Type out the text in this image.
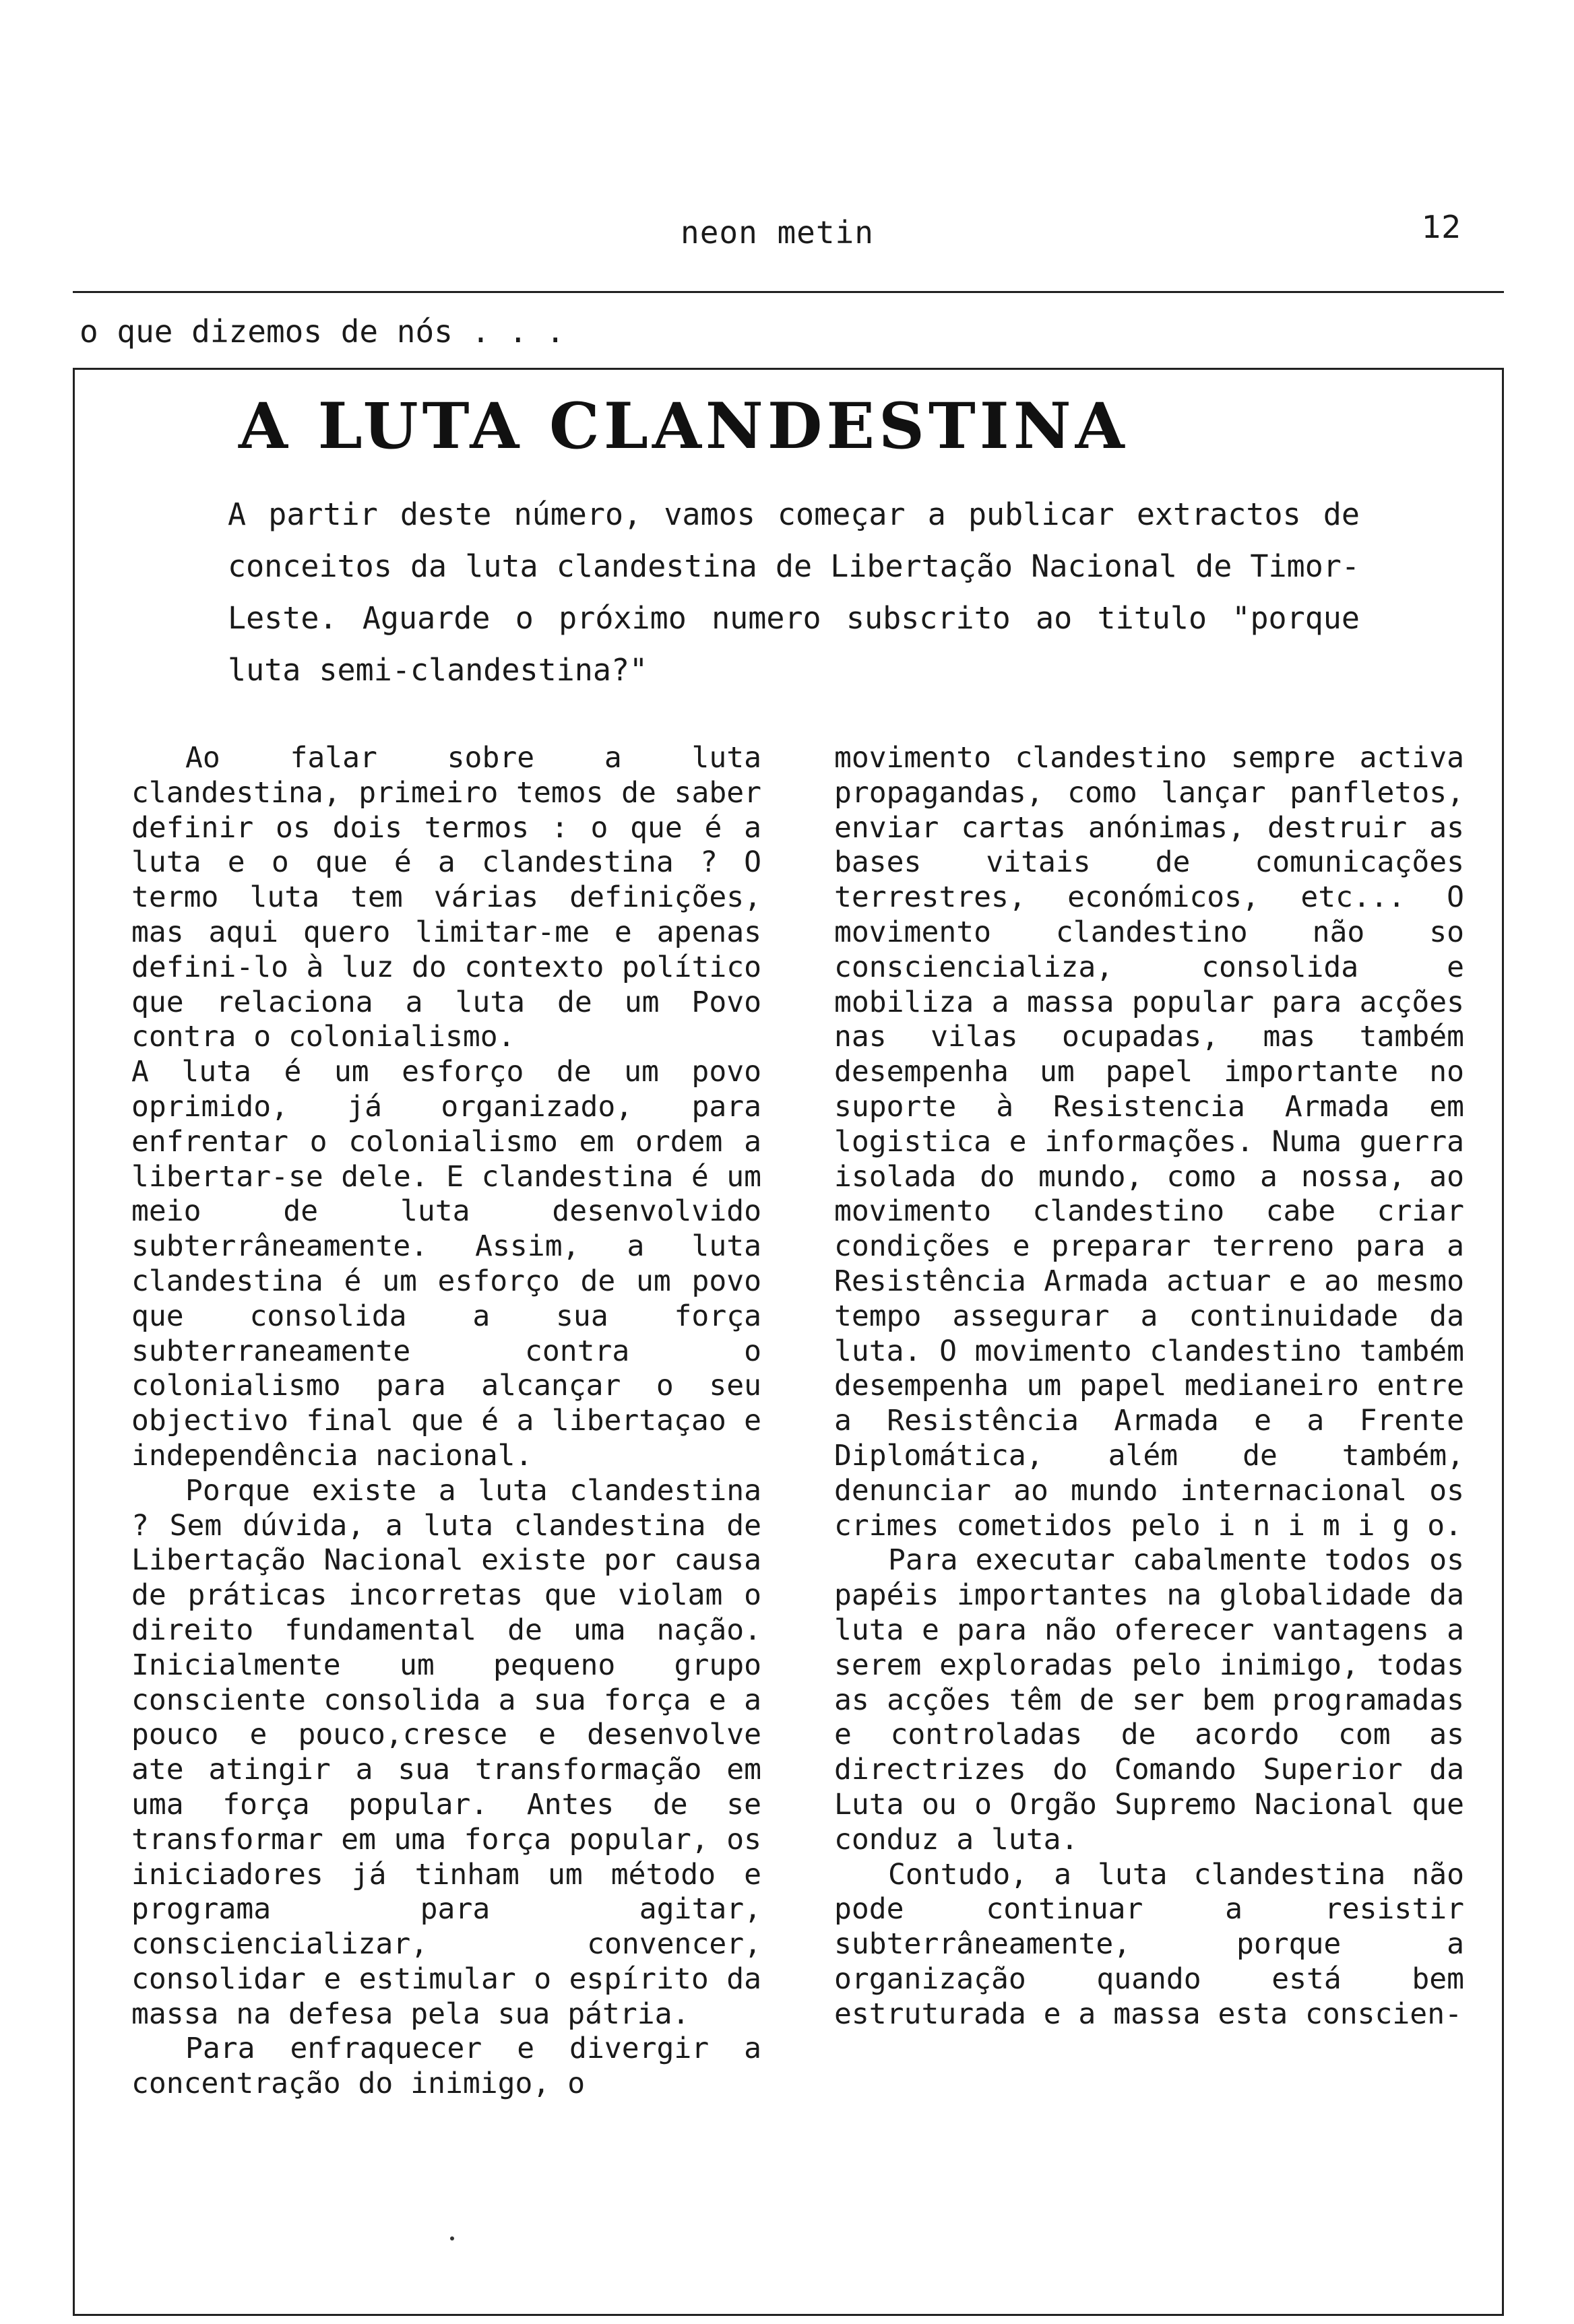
neon metin	12
o que dizemos de nós . . .
A LUTA CLANDESTINA

A partir deste número, vamos começar a publicar extractos de conceitos da luta clandestina de Libertação Nacional de Timor-Leste. Aguarde o próximo numero subscrito ao titulo "porque luta semi-clandestina?"

Ao falar sobre a luta clandestina, primeiro temos de saber definir os dois termos : o que é a luta e o que é a clandestina ? O termo luta tem várias definições, mas aqui quero limitar-me e apenas defini-lo à luz do contexto político que relaciona a luta de um Povo contra o colonialismo.

A luta é um esforço de um povo oprimido, já organizado, para enfrentar o colonialismo em ordem a libertar-se dele. E clandestina é um meio de luta desenvolvido subterrâneamente. Assim, a luta clandestina é um esforço de um povo que consolida a sua força subterraneamente contra o colonialismo para alcançar o seu objectivo final que é a libertaçao e independência nacional.

Porque existe a luta clandestina ? Sem dúvida, a luta clandestina de Libertação Nacional existe por causa de práticas incorretas que violam o direito fundamental de uma nação. Inicialmente um pequeno grupo consciente consolida a sua força e a pouco e pouco,cresce e desenvolve ate atingir a sua transformação em uma força popular. Antes de se transformar em uma força popular, os iniciadores já tinham um método e programa para agitar, consciencializar, convencer, consolidar e estimular o espírito da massa na defesa pela sua pátria.

Para enfraquecer e divergir a concentração do inimigo, o

movimento clandestino sempre activa propagandas, como lançar panfletos, enviar cartas anónimas, destruir as bases vitais de comunicações terrestres, económicos, etc... O movimento clandestino não so consciencializa, consolida e mobiliza a massa popular para acções nas vilas ocupadas, mas também desempenha um papel importante no suporte à Resistencia Armada em logistica e informações. Numa guerra isolada do mundo, como a nossa, ao movimento clandestino cabe criar condições e preparar terreno para a Resistência Armada actuar e ao mesmo tempo assegurar a continuidade da luta. O movimento clandestino também desempenha um papel medianeiro entre a Resistência Armada e a Frente Diplomática, além de também, denunciar ao mundo internacional os crimes cometidos pelo i n i m i g o.

Para executar cabalmente todos os papéis importantes na globalidade da luta e para não oferecer vantagens a serem exploradas pelo inimigo, todas as acções têm de ser bem programadas e controladas de acordo com as directrizes do Comando Superior da Luta ou o Orgão Supremo Nacional que conduz a luta.

Contudo, a luta clandestina não pode continuar a resistir subterrâneamente, porque a organização quando está bem estruturada e a massa esta conscien-
